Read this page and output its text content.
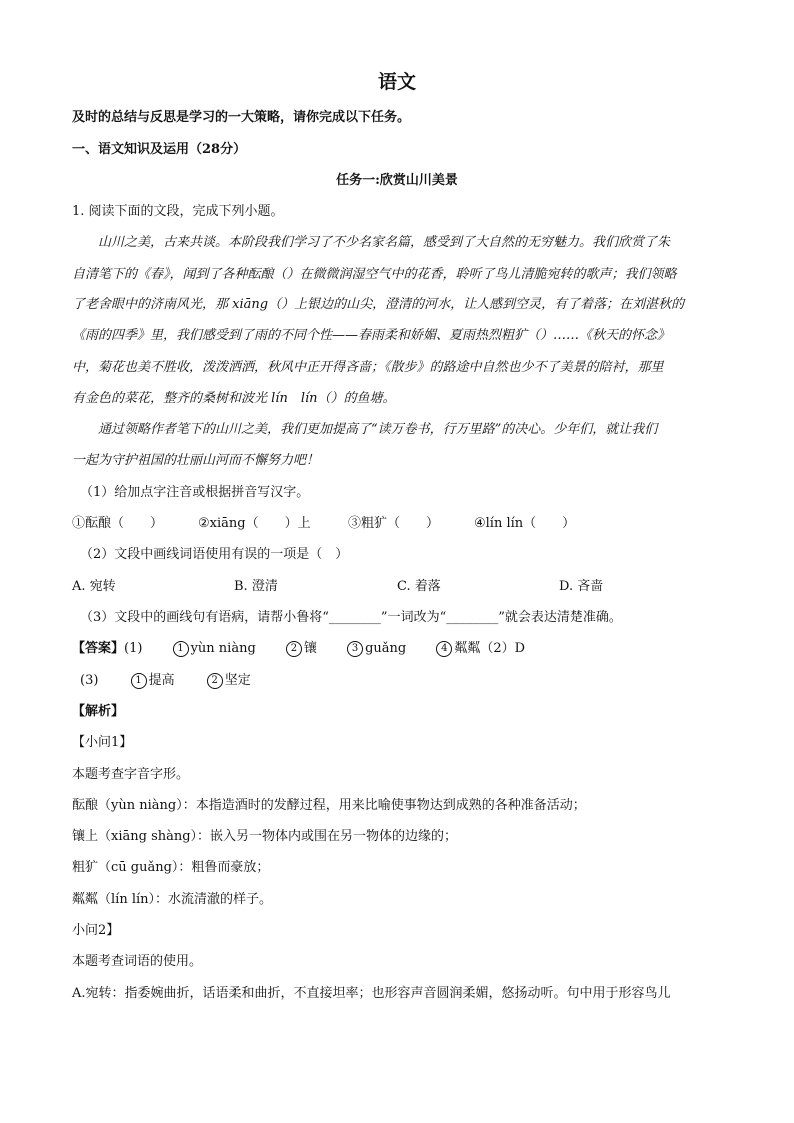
语文
及时的总结与反思是学习的一大策略，请你完成以下任务。
一、语文知识及运用（28分）
任务一:欣赏山川美景
1. 阅读下面的文段，完成下列小题。
山川之美，古来共谈。本阶段我们学习了不少名家名篇，感受到了大自然的无穷魅力。我们欣赏了朱
自清笔下的《春》，闻到了各种酝酿（）在微微润湿空气中的花香，聆听了鸟儿清脆宛转的歌声；我们领略
了老舍眼中的济南风光，那 xiāng（）上银边的山尖，澄清的河水，让人感到空灵，有了着落；在刘湛秋的
《雨的四季》里，我们感受到了雨的不同个性——春雨柔和娇媚、夏雨热烈粗犷（）……《秋天的怀念》
中，菊花也美不胜收，泼泼洒洒，秋风中正开得吝啬；《散步》的路途中自然也少不了美景的陪衬，那里
有金色的菜花，整齐的桑树和波光 lín　lín（）的鱼塘。
通过领略作者笔下的山川之美，我们更加提高了“读万卷书，行万里路”的决心。少年们，就让我们
一起为守护祖国的壮丽山河而不懈努力吧！
（1）给加点字注音或根据拼音写汉字。
①酝酿（　　）	②xiāng（　　）上	③粗犷（　　）	④lín lín（　　）
（2）文段中画线词语使用有误的一项是（　）
A. 宛转	B. 澄清	C. 着落	D. 吝啬
（3）文段中的画线句有语病，请帮小鲁将“________”一词改为“________”就会表达清楚准确。
【答案】(1)	1 yùn niàng	2 镶	3 guǎng	4 粼粼（2）D
(3)	1 提高	2 坚定
【解析】
【小问1】
本题考查字音字形。
酝酿（yùn niàng）：本指造酒时的发酵过程，用来比喻使事物达到成熟的各种准备活动；
镶上（xiāng shàng）：嵌入另一物体内或围在另一物体的边缘的；
粗犷（cū guǎng）：粗鲁而豪放；
粼粼（lín lín）：水流清澈的样子。
小问2】
本题考查词语的使用。
A.宛转：指委婉曲折，话语柔和曲折，不直接坦率；也形容声音圆润柔媚，悠扬动听。句中用于形容鸟儿
